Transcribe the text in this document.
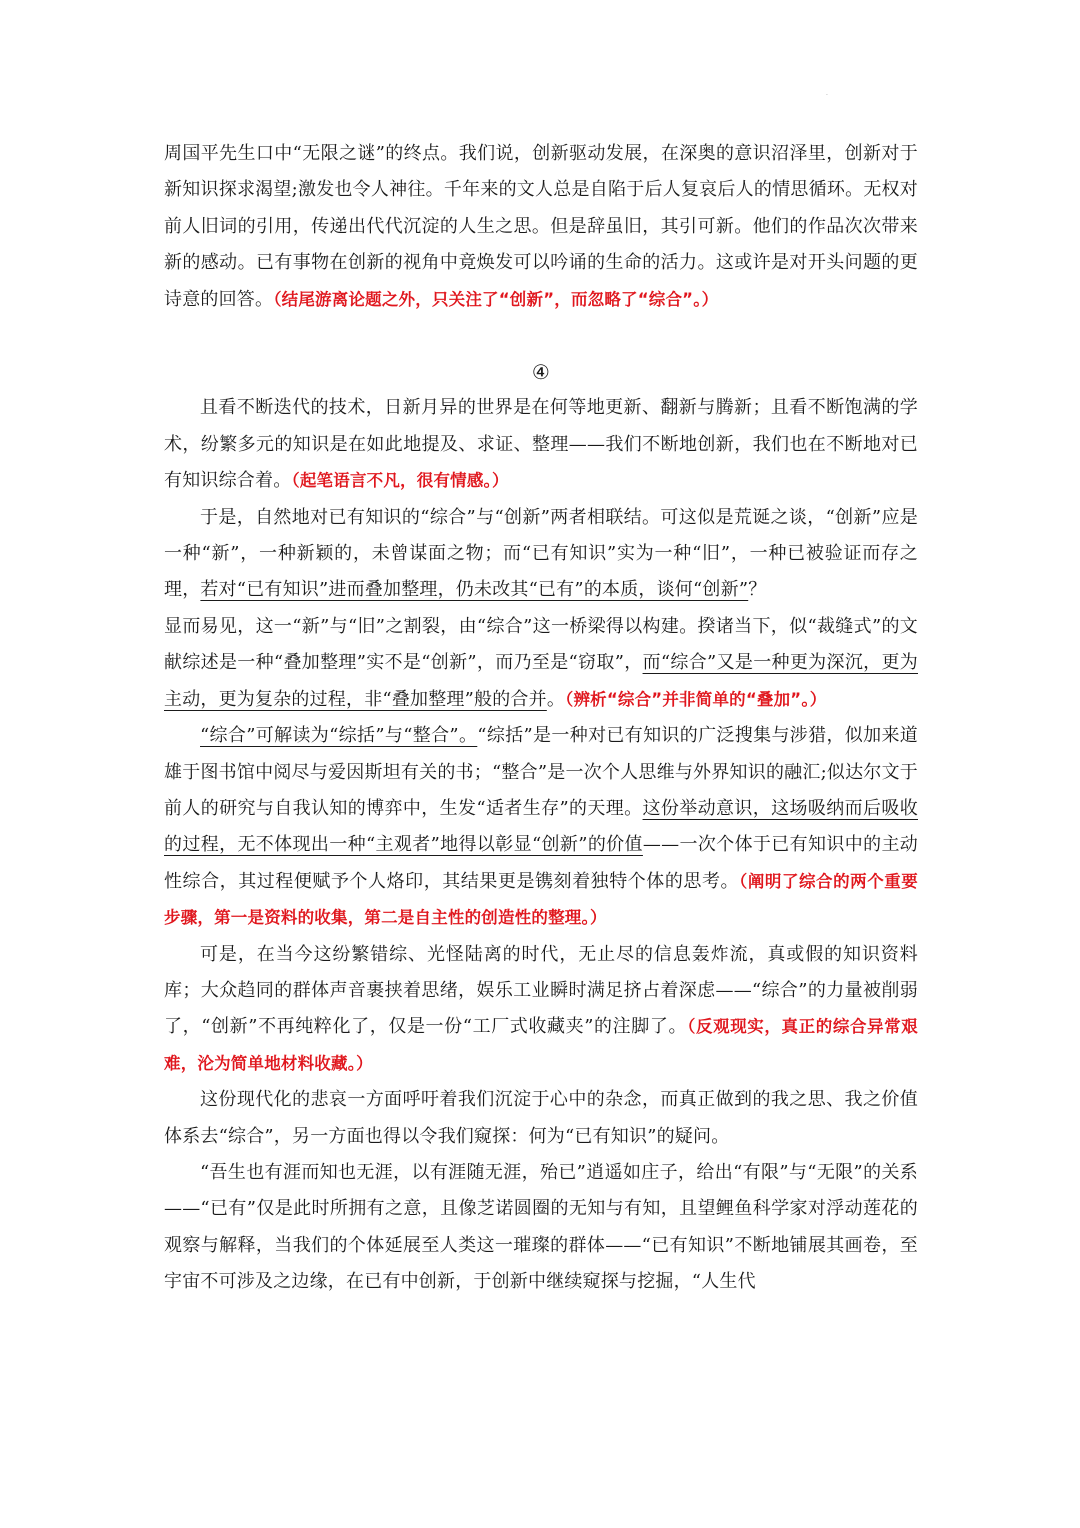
.

周国平先生口中“无限之谜”的终点。我们说，创新驱动发展，在深奥的意识沼泽里，创新对于新知识探求渴望;激发也令人神往。千年来的文人总是自陷于后人复哀后人的情思循环。无权对前人旧词的引用，传递出代代沉淀的人生之思。但是辞虽旧，其引可新。他们的作品次次带来新的感动。已有事物在创新的视角中竟焕发可以吟诵的生命的活力。这或许是对开头问题的更诗意的回答。（结尾游离论题之外，只关注了“创新”，而忽略了“综合”。）

④

且看不断迭代的技术，日新月异的世界是在何等地更新、翻新与腾新；且看不断饱满的学术，纷繁多元的知识是在如此地提及、求证、整理——我们不断地创新，我们也在不断地对已有知识综合着。（起笔语言不凡，很有情感。）

于是，自然地对已有知识的“综合”与“创新”两者相联结。可这似是荒诞之谈，“创新”应是一种“新”，一种新颖的，未曾谋面之物；而“已有知识”实为一种“旧”，一种已被验证而存之理，若对“已有知识”进而叠加整理，仍未改其“已有”的本质，谈何“创新”？

显而易见，这一“新”与“旧”之割裂，由“综合”这一桥梁得以构建。揆诸当下，似“裁缝式”的文献综述是一种“叠加整理”实不是“创新”，而乃至是“窃取”，而“综合”又是一种更为深沉，更为主动，更为复杂的过程，非“叠加整理”般的合并。（辨析“综合”并非简单的“叠加”。）

“综合”可解读为“综括”与“整合”。“综括”是一种对已有知识的广泛搜集与涉猎，似加来道雄于图书馆中阅尽与爱因斯坦有关的书；“整合”是一次个人思维与外界知识的融汇;似达尔文于前人的研究与自我认知的博弈中，生发“适者生存”的天理。这份举动意识，这场吸纳而后吸收的过程，无不体现出一种“主观者”地得以彰显“创新”的价值——一次个体于已有知识中的主动性综合，其过程便赋予个人烙印，其结果更是镌刻着独特个体的思考。（阐明了综合的两个重要步骤，第一是资料的收集，第二是自主性的创造性的整理。）

可是，在当今这纷繁错综、光怪陆离的时代，无止尽的信息轰炸流，真或假的知识资料库；大众趋同的群体声音裹挟着思绪，娱乐工业瞬时满足挤占着深虑——“综合”的力量被削弱了，“创新”不再纯粹化了，仅是一份“工厂式收藏夹”的注脚了。（反观现实，真正的综合异常艰难，沦为简单地材料收藏。）

这份现代化的悲哀一方面呼吁着我们沉淀于心中的杂念，而真正做到的我之思、我之价值体系去“综合”，另一方面也得以令我们窥探：何为“已有知识”的疑问。

“吾生也有涯而知也无涯，以有涯随无涯，殆已”逍遥如庄子，给出“有限”与“无限”的关系——“已有”仅是此时所拥有之意，且像芝诺圆圈的无知与有知，且望鲤鱼科学家对浮动莲花的观察与解释，当我们的个体延展至人类这一璀璨的群体——“已有知识”不断地铺展其画卷，至宇宙不可涉及之边缘，在已有中创新，于创新中继续窥探与挖掘，“人生代
